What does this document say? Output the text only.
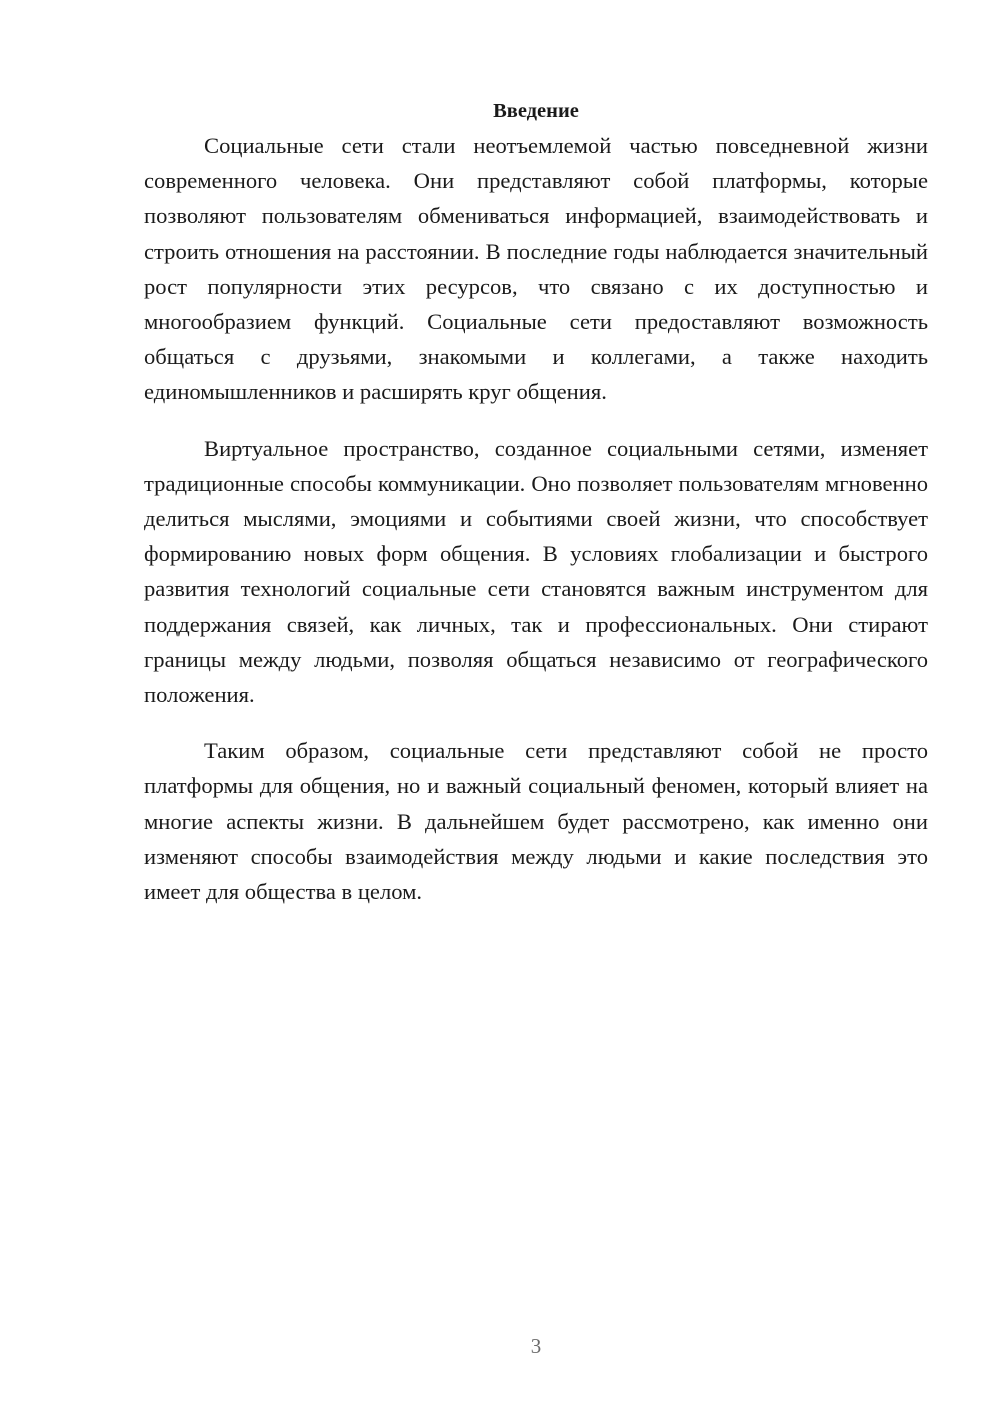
Введение

Социальные сети стали неотъемлемой частью повседневной жизни современного человека. Они представляют собой платформы, которые позволяют пользователям обмениваться информацией, взаимодействовать и строить отношения на расстоянии. В последние годы наблюдается значительный рост популярности этих ресурсов, что связано с их доступностью и многообразием функций. Социальные сети предоставляют возможность общаться с друзьями, знакомыми и коллегами, а также находить единомышленников и расширять круг общения.

Виртуальное пространство, созданное социальными сетями, изменяет традиционные способы коммуникации. Оно позволяет пользователям мгновенно делиться мыслями, эмоциями и событиями своей жизни, что способствует формированию новых форм общения. В условиях глобализации и быстрого развития технологий социальные сети становятся важным инструментом для поддержания связей, как личных, так и профессиональных. Они стирают границы между людьми, позволяя общаться независимо от географического положения.

Таким образом, социальные сети представляют собой не просто платформы для общения, но и важный социальный феномен, который влияет на многие аспекты жизни. В дальнейшем будет рассмотрено, как именно они изменяют способы взаимодействия между людьми и какие последствия это имеет для общества в целом.

3
